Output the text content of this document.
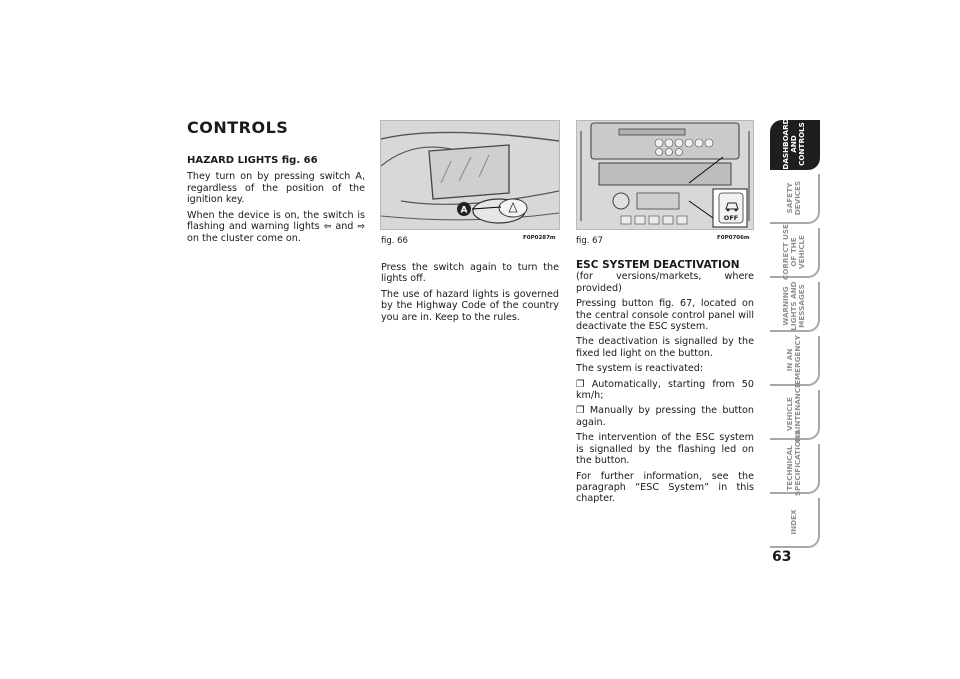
CONTROLS
HAZARD LIGHTS fig. 66

They turn on by pressing switch A, regardless of the position of the ignition key.

When the device is on, the switch is flashing and warning lights ⇦ and ⇨ on the cluster come on.

A
fig. 66	F0P0287m
OFF
fig. 67	F0P0706m

Press the switch again to turn the lights off.

The use of hazard lights is governed by the Highway Code of the country you are in. Keep to the rules.

ESC SYSTEM DEACTIVATION

(for versions/markets, where provided)

Pressing button fig. 67, located on the central console control panel will deactivate the ESC system.

The deactivation is signalled by the fixed led light on the button.

The system is reactivated:

❐ Automatically, starting from 50 km/h;

❐ Manually by pressing the button again.

The intervention of the ESC system is signalled by the flashing led on the button.

For further information, see the paragraph “ESC System” in this chapter.

DASHBOARD AND CONTROLS
SAFETY DEVICES
CORRECT USE OF THE VEHICLE
WARNING LIGHTS AND MESSAGES
IN AN EMERGENCY
VEHICLE MAINTENANCE
TECHNICAL SPECIFICATIONS
INDEX
63
